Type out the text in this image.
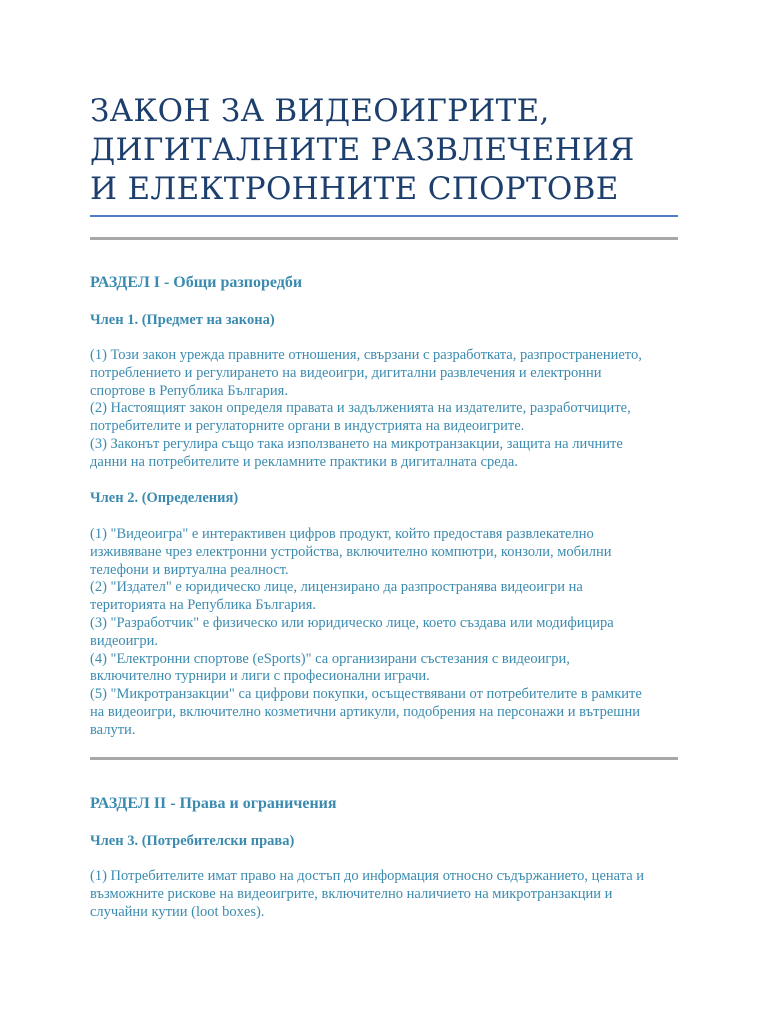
ЗАКОН ЗА ВИДЕОИГРИТЕ,
ДИГИТАЛНИТЕ РАЗВЛЕЧЕНИЯ
И ЕЛЕКТРОННИТЕ СПОРТОВЕ
РАЗДЕЛ I - Общи разпоредби
Член 1. (Предмет на закона)
(1) Този закон урежда правните отношения, свързани с разработката, разпространението,
потреблението и регулирането на видеоигри, дигитални развлечения и електронни
спортове в Република България.
(2) Настоящият закон определя правата и задълженията на издателите, разработчиците,
потребителите и регулаторните органи в индустрията на видеоигрите.
(3) Законът регулира също така използването на микротранзакции, защита на личните
данни на потребителите и рекламните практики в дигиталната среда.
Член 2. (Определения)
(1) "Видеоигра" е интерактивен цифров продукт, който предоставя развлекателно
изживяване чрез електронни устройства, включително компютри, конзоли, мобилни
телефони и виртуална реалност.
(2) "Издател" е юридическо лице, лицензирано да разпространява видеоигри на
територията на Република България.
(3) "Разработчик" е физическо или юридическо лице, което създава или модифицира
видеоигри.
(4) "Електронни спортове (eSports)" са организирани състезания с видеоигри,
включително турнири и лиги с професионални играчи.
(5) "Микротранзакции" са цифрови покупки, осъществявани от потребителите в рамките
на видеоигри, включително козметични артикули, подобрения на персонажи и вътрешни
валути.
РАЗДЕЛ II - Права и ограничения
Член 3. (Потребителски права)
(1) Потребителите имат право на достъп до информация относно съдържанието, цената и
възможните рискове на видеоигрите, включително наличието на микротранзакции и
случайни кутии (loot boxes).
